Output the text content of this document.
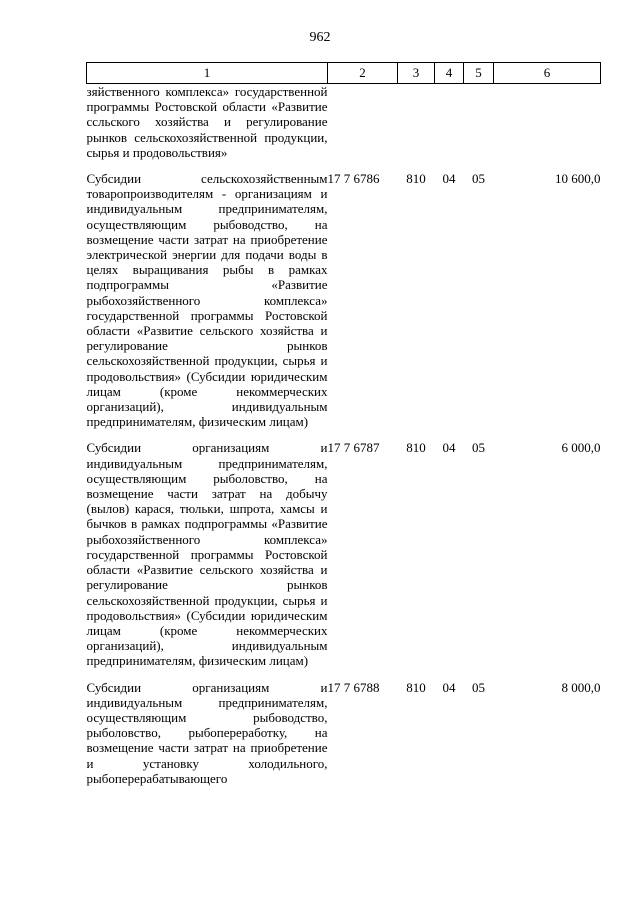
962
1	2	3	4	5	6
зяйственного комплекса» государственной программы Ростовской области «Развитие ссльского хозяйства и регулирование рынков сельскохозяйственной продукции, сырья и продовольствия»					
Субсидии сельскохозяйственным товаропроизводителям - организациям и индивидуальным предпринимателям, осуществляющим рыбоводство, на возмещение части затрат на приобретение электрической энергии для подачи воды в целях выращивания рыбы в рамках подпрограммы «Развитие рыбохозяйственного комплекса» государственной программы Ростовской области «Развитие сельского хозяйства и регулирование рынков сельскохозяйственной продукции, сырья и продовольствия» (Субсидии юридическим лицам (кроме некоммерческих организаций), индивидуальным предпринимателям, физическим лицам)	17 7 6786	810	04	05	10 600,0
Субсидии организациям и индивидуальным предпринимателям, осуществляющим рыболовство, на возмещение части затрат на добычу (вылов) карася, тюльки, шпрота, хамсы и бычков в рамках подпрограммы «Развитие рыбохозяйственного комплекса» государственной программы Ростовской области «Развитие сельского хозяйства и регулирование рынков сельскохозяйственной продукции, сырья и продовольствия» (Субсидии юридическим лицам (кроме некоммерческих организаций), индивидуальным предпринимателям, физическим лицам)	17 7 6787	810	04	05	6 000,0
Субсидии организациям и индивидуальным предпринимателям, осуществляющим рыбоводство, рыболовство, рыбопереработку, на возмещение части затрат на приобретение и установку холодильного, рыбоперерабатывающего	17 7 6788	810	04	05	8 000,0
